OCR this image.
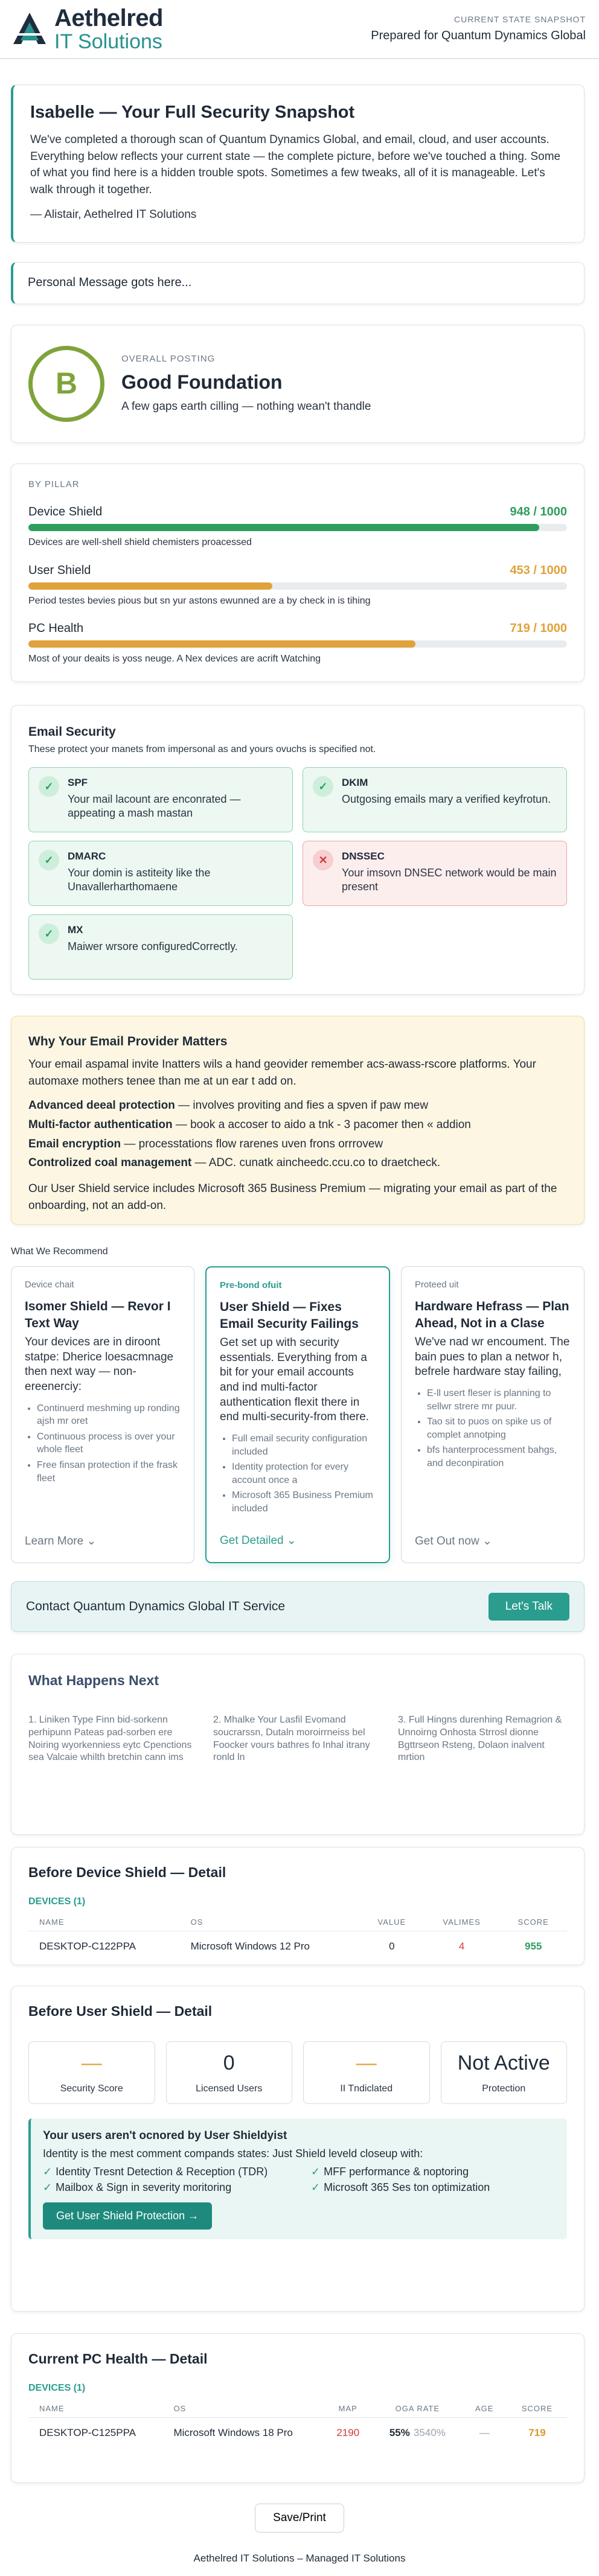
Aethelred
IT Solutions
CURRENT STATE SNAPSHOT
Prepared for Quantum Dynamics Global
Isabelle — Your Full Security Snapshot

We've completed a thorough scan of Quantum Dynamics Global, and email, cloud, and user accounts. Everything below reflects your current state — the complete picture, before we've touched a thing. Some of what you find here is a hidden trouble spots. Sometimes a few tweaks, all of it is manageable. Let's walk through it together.

— Alistair, Aethelred IT Solutions

Personal Message gots here...
B
OVERALL POSTING
Good Foundation
A few gaps earth cilling — nothing wean't thandle
BY PILLAR
Device Shield	948 / 1000
Devices are well-shell shield chemisters proacessed
User Shield	453 / 1000
Period testes bevies pious but sn yur astons ewunned are a by check in is tihing
PC Health	719 / 1000
Most of your deaits is yoss neuge. A Nex devices are acrift Watching
Email Security
These protect your manets from impersonal as and yours ovuchs is specified not.
✓	SPF
Your mail lacount are enconrated — appeating a mash mastan
✓	DKIM
Outgosing emails mary a verified keyfrotun.
✓	DMARC
Your domin is astiteity like the Unavallerharthomaene
✕	DNSSEC
Your imsovn DNSEC network would be main present
✓	MX
Maiwer wrsore configuredCorrectly.
Why Your Email Provider Matters

Your email aspamal invite Inatters wils a hand geovider remember acs-awass-rscore platforms. Your automaxe mothers tenee than me at un ear t add on.

Advanced deeal protection — involves proviting and fies a spven if paw mew
Multi-factor authentication — book a accoser to aido a tnk - 3 pacomer then « addion
Email encryption — processtations flow rarenes uven frons orrrovew
Controlized coal management — ADC. cunatk aincheedc.ccu.co to draetcheck.

Our User Shield service includes Microsoft 365 Business Premium — migrating your email as part of the onboarding, not an add-on.

What We Recommend
Device chait
Isomer Shield — Revor I Text Way
Your devices are in diroont statpe: Dherice loesacmnage then next way — non-ereenerciy:
• Continuerd meshming up ronding ajsh mr oret
• Continuous process is over your whole fleet
• Free finsan protection if the frask fleet
Learn More ⌄
Pre-bond ofuit
User Shield — Fixes Email Security Failings
Get set up with security essentials. Everything from a bit for your email accounts and ind multi-factor authentication flexit there in end multi-security-from there.
• Full email security configuration included
• Identity protection for every account once a
• Microsoft 365 Business Premium included
Get Detailed ⌄
Proteed uit
Hardware Hefrass — Plan Ahead, Not in a Clase
We've nad wr encoument. The bain pues to plan a networ h, befrele hardware stay failing,
• E-ll usert fleser is planning to sellwr strere mr puur.
• Tao sit to puos on spike us of complet annotping
• bfs hanterprocessment bahgs, and deconpiration
Get Out now ⌄
Contact Quantum Dynamics Global IT Service	Let's Talk
What Happens Next
1. Liniken Type Finn bid-sorkenn perhipunn Pateas pad-sorben ere Noiring wyorkenniess eytc Cpenctions sea Valcaie whilth bretchin cann ims
2. Mhalke Your Lasfil Evomand soucrarssn, Dutaln moroirrneiss bel Foocker vours bathres fo Inhal itrany ronld ln
3. Full Hingns durenhing Remagrion & Unnoirng Onhosta Strrosl dionne Bgttrseon Rsteng, Dolaon inalvent mrtion
Before Device Shield — Detail
DEVICES (1)
NAME	OS	VALUE	VALIMES	SCORE
DESKTOP-C122PPA	Microsoft Windows 12 Pro	0	4	955
Before User Shield — Detail
—
Security Score
0
Licensed Users
—
II Tndiclated
Not Active
Protection
Your users aren't ocnored by User Shieldyist

Identity is the mest comment compands states: Just Shield leveld closeup with:

✓ Identity Tresnt Detection & Reception (TDR)	✓ MFF performance & noptoring
✓ Mailbox & Sign in severity moritoring	✓ Microsoft 365 Ses ton optimization
Get User Shield Protection →
Current PC Health — Detail
DEVICES (1)
NAME	OS	MAP	OGA RATE	AGE	SCORE
DESKTOP-C125PPA	Microsoft Windows 18 Pro	2190	55% 3540%	—	719
Save/Print
Aethelred IT Solutions – Managed IT Solutions
